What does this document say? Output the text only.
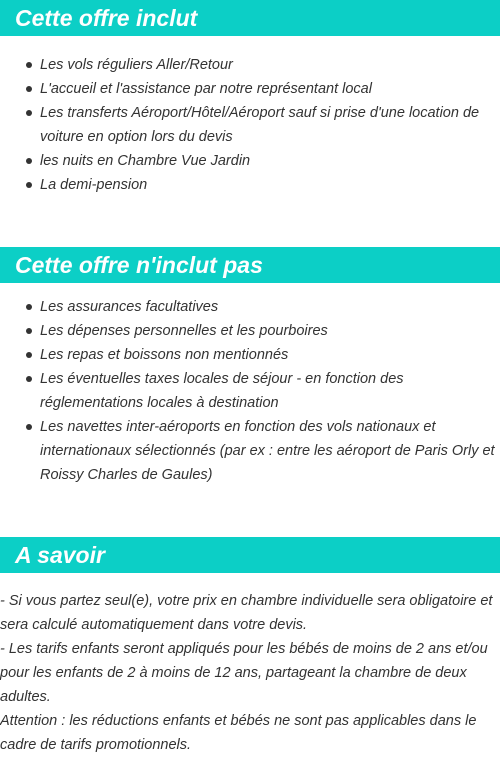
Cette offre inclut
Les vols réguliers Aller/Retour
L'accueil et l'assistance par notre représentant local
Les transferts Aéroport/Hôtel/Aéroport sauf si prise d'une location de voiture en option lors du devis
les nuits en Chambre Vue Jardin
La demi-pension
Cette offre n'inclut pas
Les assurances facultatives
Les dépenses personnelles et les pourboires
Les repas et boissons non mentionnés
Les éventuelles taxes locales de séjour - en fonction des réglementations locales à destination
Les navettes inter-aéroports en fonction des vols nationaux et internationaux sélectionnés (par ex : entre les aéroport de Paris Orly et Roissy Charles de Gaules)
A savoir

- Si vous partez seul(e), votre prix en chambre individuelle sera obligatoire et sera calculé automatiquement dans votre devis.

- Les tarifs enfants seront appliqués pour les bébés de moins de 2 ans et/ou pour les enfants de 2 à moins de 12 ans, partageant la chambre de deux adultes.

Attention : les réductions enfants et bébés ne sont pas applicables dans le cadre de tarifs promotionnels.
